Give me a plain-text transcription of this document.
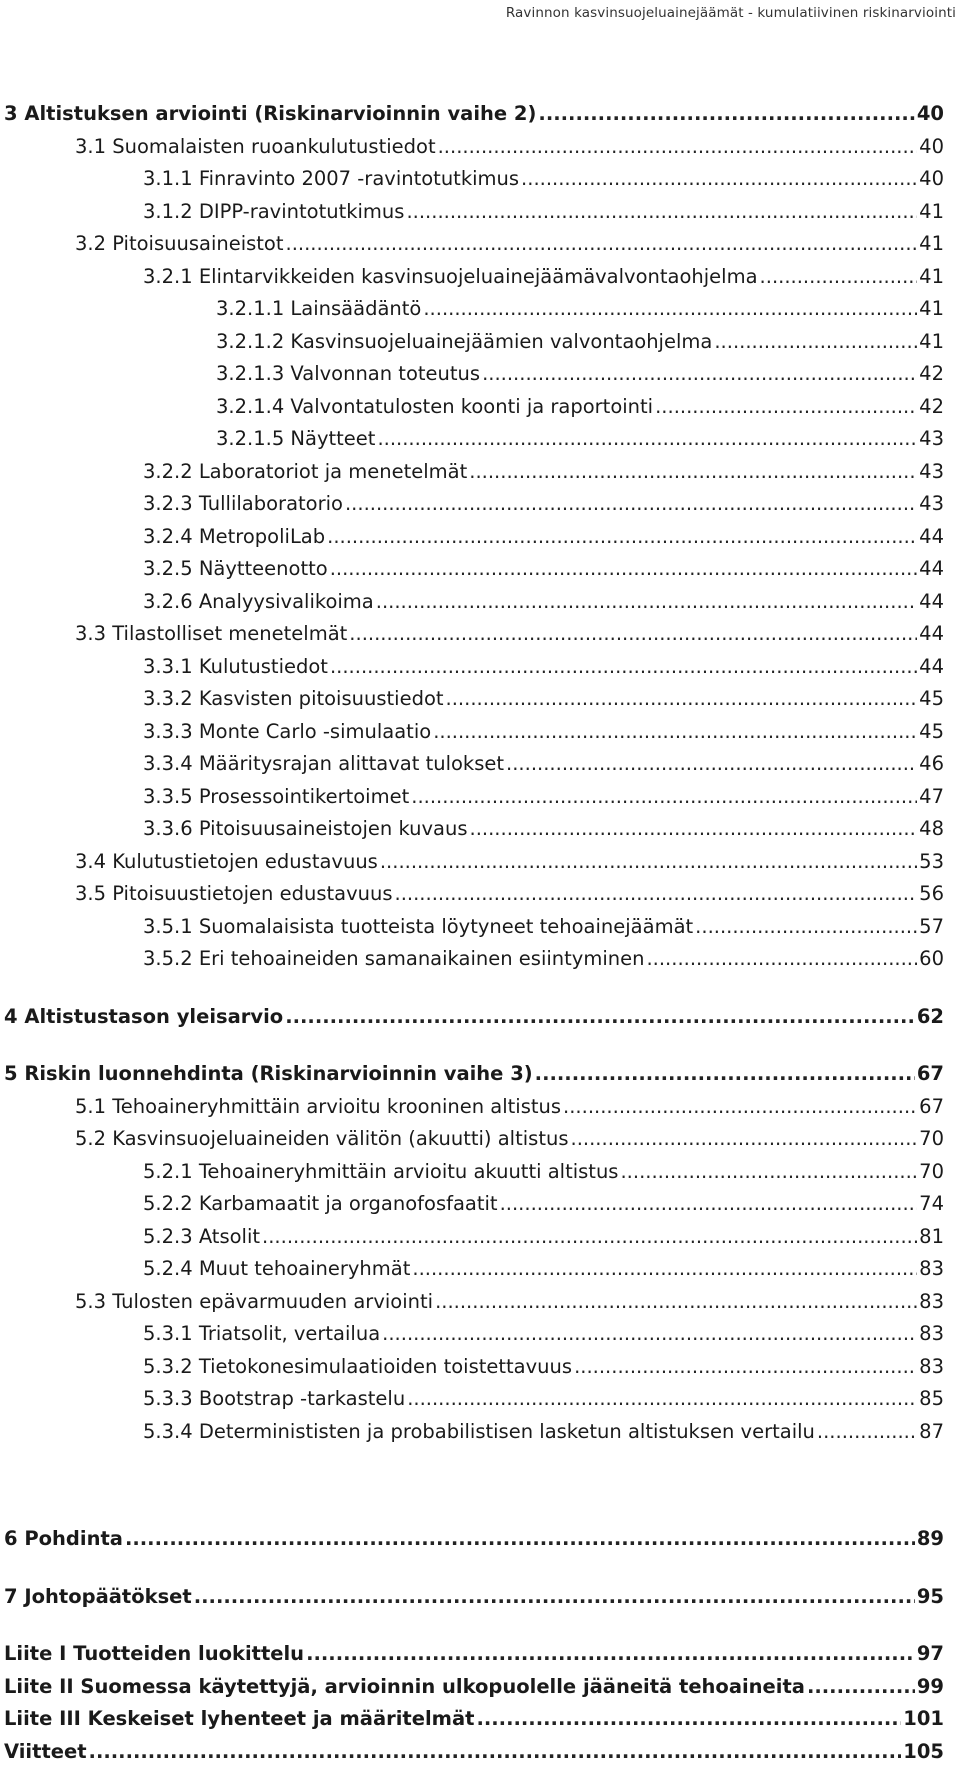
Ravinnon kasvinsuojeluainejäämät - kumulatiivinen riskinarviointi
3 Altistuksen arviointi (Riskinarvioinnin vaihe 2) .....	40
3.1 Suomalaisten ruoankulutustiedot .....	40
3.1.1 Finravinto 2007 -ravintotutkimus .....	40
3.1.2 DIPP-ravintotutkimus .....	41
3.2 Pitoisuusaineistot .....	41
3.2.1 Elintarvikkeiden kasvinsuojeluainejäämävalvontaohjelma .....	41
3.2.1.1 Lainsäädäntö .....	41
3.2.1.2 Kasvinsuojeluainejäämien valvontaohjelma .....	41
3.2.1.3 Valvonnan toteutus .....	42
3.2.1.4 Valvontatulosten koonti ja raportointi .....	42
3.2.1.5 Näytteet .....	43
3.2.2 Laboratoriot ja menetelmät .....	43
3.2.3 Tullilaboratorio .....	43
3.2.4 MetropoliLab .....	44
3.2.5 Näytteenotto .....	44
3.2.6 Analyysivalikoima .....	44
3.3 Tilastolliset menetelmät .....	44
3.3.1 Kulutustiedot .....	44
3.3.2 Kasvisten pitoisuustiedot .....	45
3.3.3 Monte Carlo -simulaatio .....	45
3.3.4 Määritysrajan alittavat tulokset .....	46
3.3.5 Prosessointikertoimet .....	47
3.3.6 Pitoisuusaineistojen kuvaus .....	48
3.4 Kulutustietojen edustavuus .....	53
3.5 Pitoisuustietojen edustavuus .....	56
3.5.1 Suomalaisista tuotteista löytyneet tehoainejäämät .....	57
3.5.2 Eri tehoaineiden samanaikainen esiintyminen .....	60
4 Altistustason yleisarvio .....	62
5 Riskin luonnehdinta (Riskinarvioinnin vaihe 3) .....	67
5.1 Tehoaineryhmittäin arvioitu krooninen altistus .....	67
5.2 Kasvinsuojeluaineiden välitön (akuutti) altistus .....	70
5.2.1 Tehoaineryhmittäin arvioitu akuutti altistus .....	70
5.2.2 Karbamaatit ja organofosfaatit .....	74
5.2.3 Atsolit .....	81
5.2.4 Muut tehoaineryhmät .....	83
5.3 Tulosten epävarmuuden arviointi .....	83
5.3.1 Triatsolit, vertailua .....	83
5.3.2 Tietokonesimulaatioiden toistettavuus .....	83
5.3.3 Bootstrap -tarkastelu .....	85
5.3.4 Determinististen ja probabilistisen lasketun altistuksen vertailu .....	87
6 Pohdinta .....	89
7 Johtopäätökset .....	95
Liite I Tuotteiden luokittelu .....	97
Liite II Suomessa käytettyjä, arvioinnin ulkopuolelle jääneitä tehoaineita .....	99
Liite III Keskeiset lyhenteet ja määritelmät .....	101
Viitteet .....	105
